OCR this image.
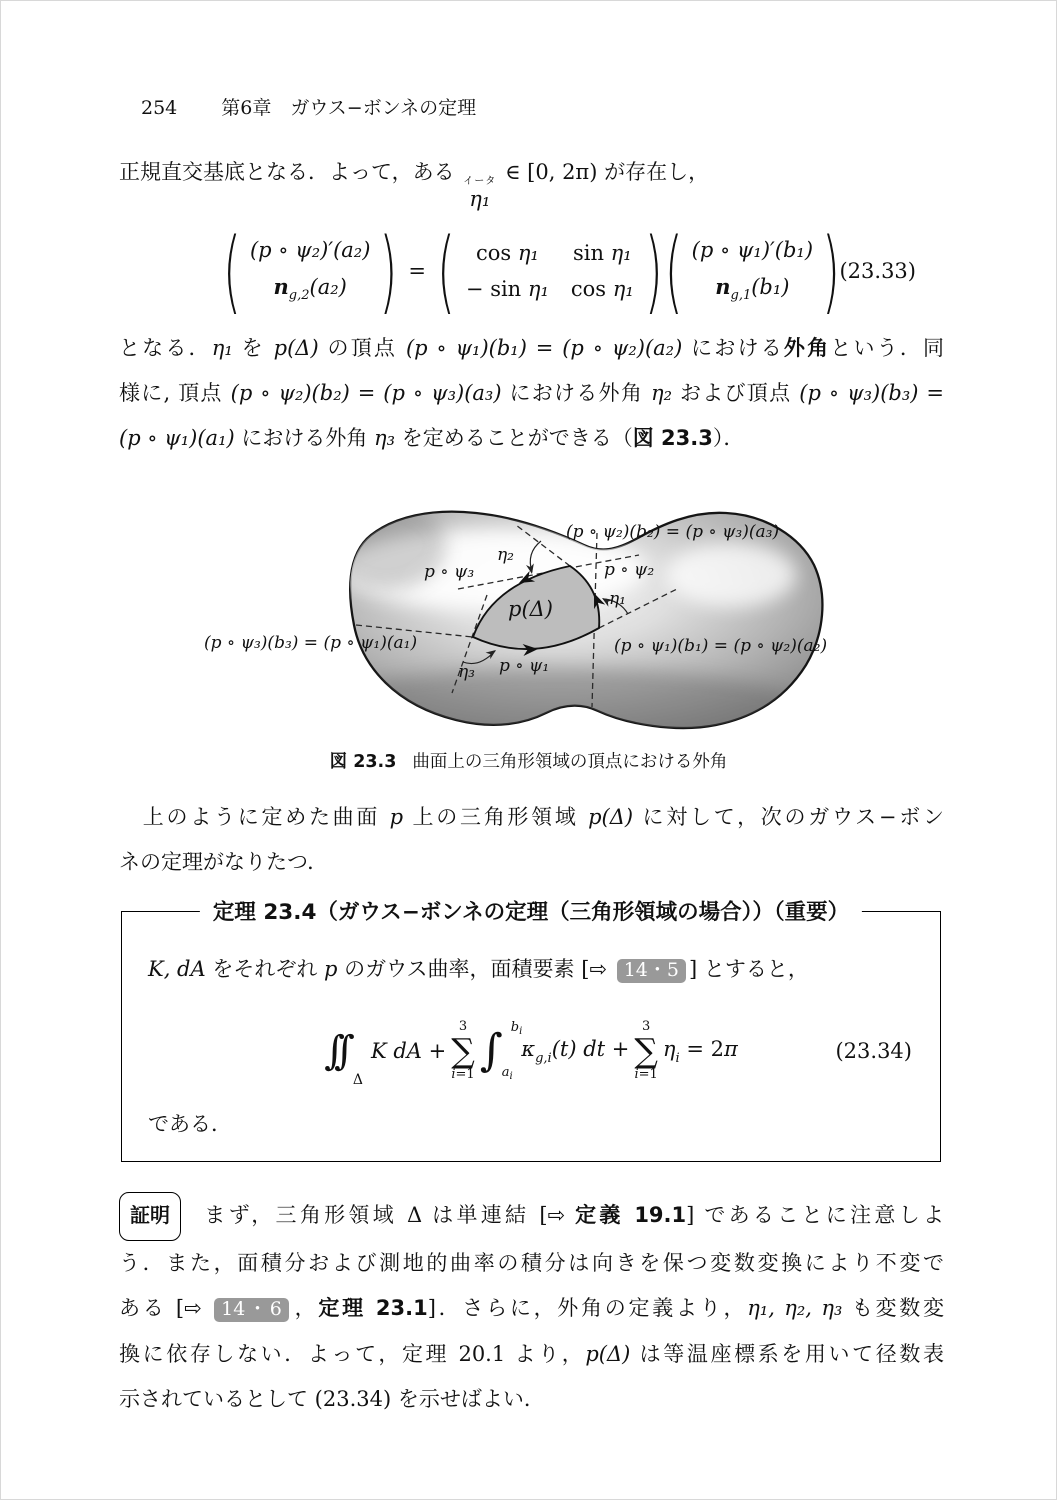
254 第6章　ガウス−ボンネの定理
正規直交基底となる．よって，ある イータ
η₁
∈ [0, 2π) が存在し，
( (p ∘ ψ₂)′(a₂)
$n_{g,2}(a_2)$ ) = ( cos η₁ sin η₁
− sin η₁ cos η₁ ) ( (p ∘ ψ₁)′(b₁)
$n_{g,1}(b_1)$ ) (23.33)
となる．η₁ を p(Δ) の頂点 (p ∘ ψ₁)(b₁) = (p ∘ ψ₂)(a₂) における外角という．同
様に, 頂点 (p ∘ ψ₂)(b₂) = (p ∘ ψ₃)(a₃) における外角 η₂ および頂点 (p ∘ ψ₃)(b₃) =
(p ∘ ψ₁)(a₁) における外角 η₃ を定めることができる（図 23.3）．
(p ∘ ψ₂)(b₂) = (p ∘ ψ₃)(a₃)
η₂
p ∘ ψ₃	p ∘ ψ₂
η₁
p(Δ)
(p ∘ ψ₃)(b₃) = (p ∘ ψ₁)(a₁)	(p ∘ ψ₁)(b₁) = (p ∘ ψ₂)(a₂)
η₃ p ∘ ψ₁
図 23.3 曲面上の三角形領域の頂点における外角
　上のように定めた曲面 p 上の三角形領域 p(Δ) に対して，次のガウス−ボン
ネの定理がなりたつ．
定理 23.4（ガウス−ボンネの定理（三角形領域の場合））（重要）
K, dA をそれぞれ p のガウス曲率，面積要素 [⇨ 14・5 ] とすると，
∫∫Δ
K dA +
3
∑
i=1 ∫ $b_i$
$a_i$
$\kappa_{g,i}(t)$ dt +
3
∑
i=1
$\eta_i = 2\pi$	(23.34)
である．
証明 まず，三角形領域 Δ は単連結 [⇨ 定義 19.1] であることに注意しよ
う．また，面積分および測地的曲率の積分は向きを保つ変数変換により不変で
ある [⇨ 14・6 ，定理 23.1]．さらに，外角の定義より，η₁, η₂, η₃ も変数変
換に依存しない．よって，定理 20.1 より，p(Δ) は等温座標系を用いて径数表
示されているとして (23.34) を示せばよい．
